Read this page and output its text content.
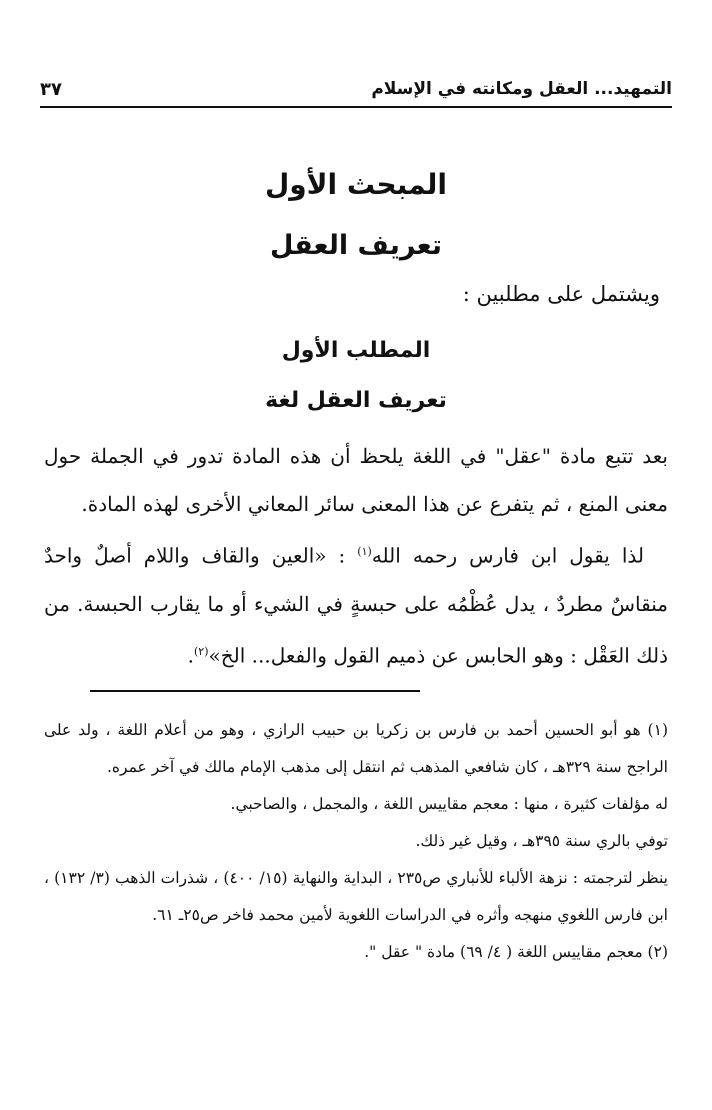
التمهيد... العقل ومكانته في الإسلام
٣٧
المبحث الأول
تعريف العقل
ويشتمل على مطلبين :
المطلب الأول
تعريف العقل لغة

بعد تتبع مادة "عقل" في اللغة يلحظ أن هذه المادة تدور في الجملة حول معنى المنع ، ثم يتفرع عن هذا المعنى سائر المعاني الأخرى لهذه المادة.

لذا يقول ابن فارس رحمه الله$^{(١)}$ : «العين والقاف واللام أصلٌ واحدٌ منقاسٌ مطردٌ ، يدل عُظْمُه على حبسةٍ في الشيء أو ما يقارب الحبسة. من ذلك العَقْل : وهو الحابس عن ذميم القول والفعل... الخ»$^{(٢)}$.

(١) هو أبو الحسين أحمد بن فارس بن زكريا بن حبيب الرازي ، وهو من أعلام اللغة ، ولد على الراجح سنة ٣٢٩هـ ، كان شافعي المذهب ثم انتقل إلى مذهب الإمام مالك في آخر عمره.

له مؤلفات كثيرة ، منها : معجم مقاييس اللغة ، والمجمل ، والصاحبي.

توفي بالري سنة ٣٩٥هـ ، وقيل غير ذلك.

ينظر لترجمته : نزهة الألباء للأنباري ص٢٣٥ ، البداية والنهاية (١٥/ ٤٠٠) ، شذرات الذهب (٣/ ١٣٢) ، ابن فارس اللغوي منهجه وأثره في الدراسات اللغوية لأمين محمد فاخر ص٢٥ـ ٦١.

(٢) معجم مقاييس اللغة ( ٤/ ٦٩) مادة " عقل ".
